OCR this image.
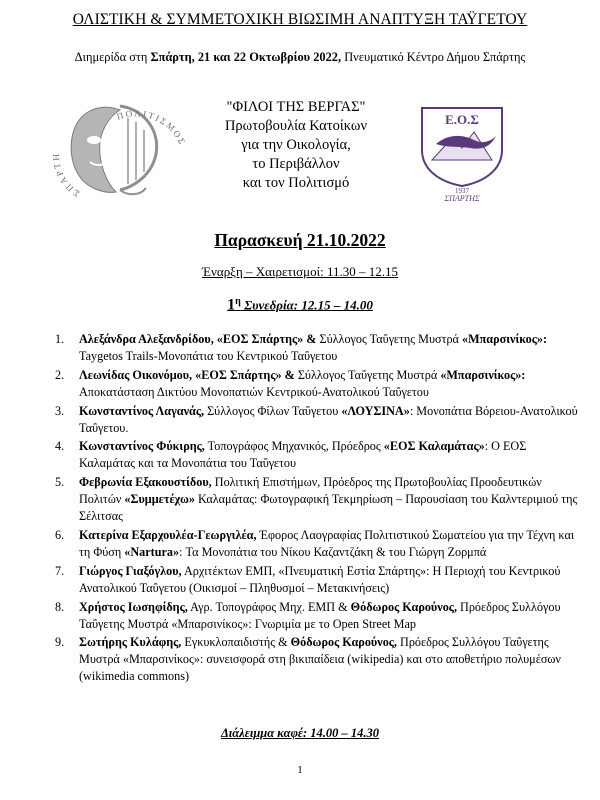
ΟΛΙΣΤΙΚΗ & ΣΥΜΜΕΤΟΧΙΚΗ ΒΙΩΣΙΜΗ ΑΝΑΠΤΥΞΗ ΤΑΫΓΕΤΟΥ
Διημερίδα στη Σπάρτη, 21 και 22 Οκτωβρίου 2022, Πνευματικό Κέντρο Δήμου Σπάρτης
ΣΠΑΡΤΗ
ΠΟΛΙΤΙΣΜΟΣ
"ΦΙΛΟΙ ΤΗΣ ΒΕΡΓΑΣ"
Πρωτοβουλία Κατοίκων
για την Οικολογία,
το Περιβάλλον
και τον Πολιτισμό
Ε.Ο.Σ
1937
ΣΠΑΡΤΗΣ
Παρασκευή 21.10.2022
Έναρξη – Χαιρετισμοί: 11.30 – 12.15
$1^\eta$ Συνεδρία: 12.15 – 14.00
1. Αλεξάνδρα Αλεξανδρίδου, «ΕΟΣ Σπάρτης» & Σύλλογος Ταΰγετης Μυστρά «Μπαρσινίκος»: Taygetos Trails-Μονοπάτια του Κεντρικού Ταΰγετου
2. Λεωνίδας Οικονόμου, «ΕΟΣ Σπάρτης» & Σύλλογος Ταΰγετης Μυστρά «Μπαρσινίκος»: Αποκατάσταση Δικτύου Μονοπατιών Κεντρικού-Ανατολικού Ταΰγετου
3. Κωνσταντίνος Λαγανάς, Σύλλογος Φίλων Ταΰγετου «ΛΟΥΣΙΝΑ»: Μονοπάτια Βόρειου-Ανατολικού Ταΰγετου.
4. Κωνσταντίνος Φύκιρης, Τοπογράφος Μηχανικός, Πρόεδρος «ΕΟΣ Καλαμάτας»: Ο ΕΟΣ Καλαμάτας και τα Μονοπάτια του Ταΰγετου
5. Φεβρωνία Εξακουστίδου, Πολιτική Επιστήμων, Πρόεδρος της Πρωτοβουλίας Προοδευτικών Πολιτών «Συμμετέχω» Καλαμάτας: Φωτογραφική Τεκμηρίωση – Παρουσίαση του Καλντεριμιού της Σέλιτσας
6. Κατερίνα Εξαρχουλέα-Γεωργιλέα, Έφορος Λαογραφίας Πολιτιστικού Σωματείου για την Τέχνη και τη Φύση «Nartura»: Τα Μονοπάτια του Νίκου Καζαντζάκη & του Γιώργη Ζορμπά
7. Γιώργος Γιαξόγλου, Αρχιτέκτων ΕΜΠ, «Πνευματική Εστία Σπάρτης»: Η Περιοχή του Κεντρικού Ανατολικού Ταΰγετου (Οικισμοί – Πληθυσμοί – Μετακινήσεις)
8. Χρήστος Ιωσηφίδης, Αγρ. Τοπογράφος Μηχ. ΕΜΠ & Θόδωρος Καρούνος, Πρόεδρος Συλλόγου Ταΰγετης Μυστρά «Μπαρσινίκος»: Γνωριμία με το Open Street Map
9. Σωτήρης Κυλάφης, Εγκυκλοπαιδιστής & Θόδωρος Καρούνος, Πρόεδρος Συλλόγου Ταΰγετης Μυστρά «Μπαρσινίκος»: συνεισφορά στη βικιπαίδεια (wikipedia) και στο αποθετήριο πολυμέσων (wikimedia commons)
Διάλειμμα καφέ: 14.00 – 14.30
1
